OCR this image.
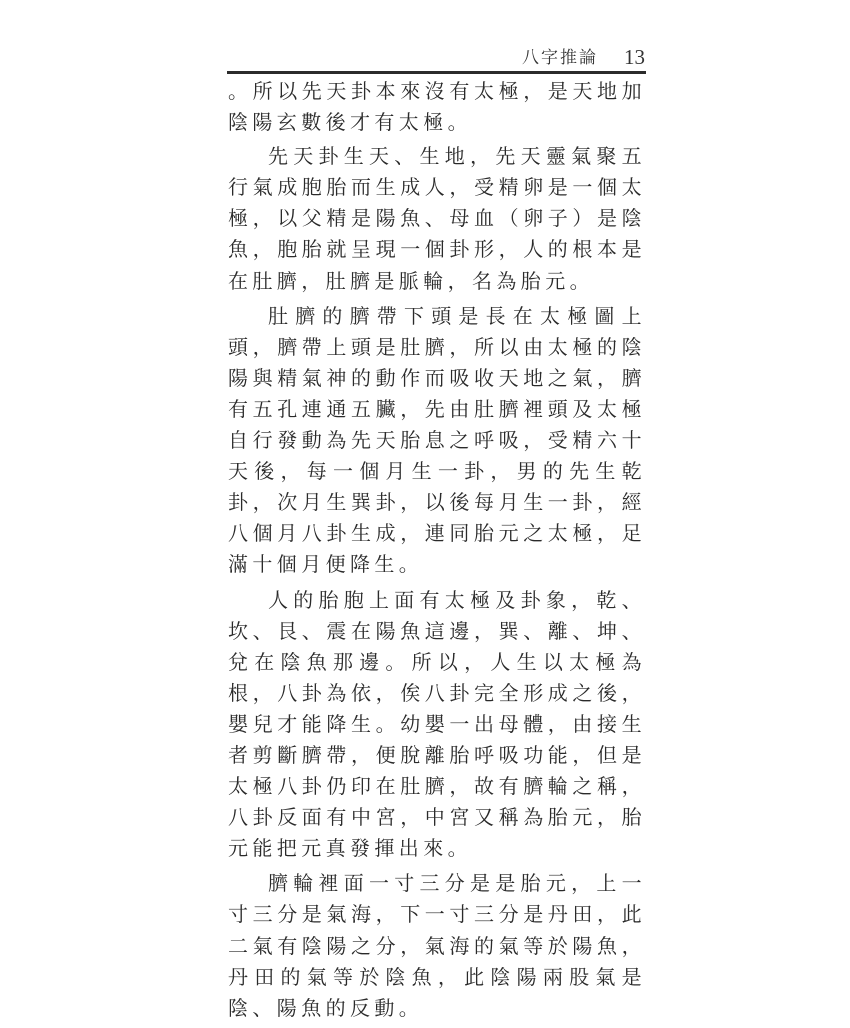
八字推論 13

。所以先天卦本來沒有太極，是天地加陰陽玄數後才有太極。

先天卦生天、生地，先天靈氣聚五行氣成胞胎而生成人，受精卵是一個太極，以父精是陽魚、母血（卵子）是陰魚，胞胎就呈現一個卦形，人的根本是在肚臍，肚臍是脈輪，名為胎元。

肚臍的臍帶下頭是長在太極圖上頭，臍帶上頭是肚臍，所以由太極的陰陽與精氣神的動作而吸收天地之氣，臍有五孔連通五臟，先由肚臍裡頭及太極自行發動為先天胎息之呼吸，受精六十天後，每一個月生一卦，男的先生乾卦，次月生巽卦，以後每月生一卦，經八個月八卦生成，連同胎元之太極，足滿十個月便降生。

人的胎胞上面有太極及卦象，乾、坎、艮、震在陽魚這邊，巽、離、坤、兌在陰魚那邊。所以，人生以太極為根，八卦為依，俟八卦完全形成之後，嬰兒才能降生。幼嬰一出母體，由接生者剪斷臍帶，便脫離胎呼吸功能，但是太極八卦仍印在肚臍，故有臍輪之稱，八卦反面有中宮，中宮又稱為胎元，胎元能把元真發揮出來。

臍輪裡面一寸三分是是胎元，上一寸三分是氣海，下一寸三分是丹田，此二氣有陰陽之分，氣海的氣等於陽魚，丹田的氣等於陰魚，此陰陽兩股氣是陰、陽魚的反動。
